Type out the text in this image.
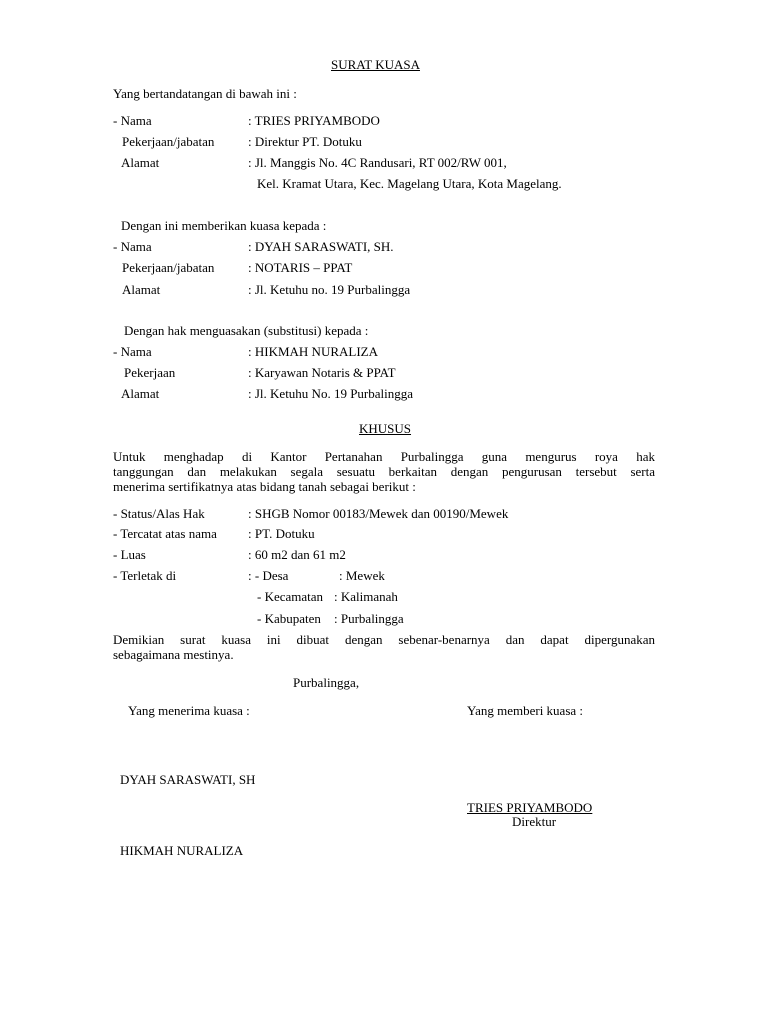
SURAT KUASA
Yang bertandatangan di bawah ini :
- Nama	: TRIES PRIYAMBODO
Pekerjaan/jabatan	: Direktur PT. Dotuku
Alamat	: Jl. Manggis No. 4C Randusari, RT 002/RW 001,
Kel. Kramat Utara, Kec. Magelang Utara, Kota Magelang.
Dengan ini memberikan kuasa kepada :
- Nama	: DYAH SARASWATI, SH.
Pekerjaan/jabatan	: NOTARIS – PPAT
Alamat	: Jl. Ketuhu no. 19 Purbalingga
Dengan hak menguasakan (substitusi) kepada :
- Nama	: HIKMAH NURALIZA
Pekerjaan	: Karyawan Notaris & PPAT
Alamat	: Jl. Ketuhu No. 19 Purbalingga
KHUSUS
Untuk menghadap di Kantor Pertanahan Purbalingga guna mengurus roya hak
tanggungan dan melakukan segala sesuatu berkaitan dengan pengurusan tersebut serta
menerima sertifikatnya atas bidang tanah sebagai berikut :
- Status/Alas Hak	: SHGB Nomor 00183/Mewek dan 00190/Mewek
- Tercatat atas nama : PT. Dotuku
- Luas	: 60 m2 dan 61 m2
- Terletak di	: - Desa	: Mewek
- Kecamatan : Kalimanah
- Kabupaten : Purbalingga
Demikian surat kuasa ini dibuat dengan sebenar-benarnya dan dapat dipergunakan
sebagaimana mestinya.
Purbalingga,
Yang menerima kuasa :	Yang memberi kuasa :
DYAH SARASWATI, SH
TRIES PRIYAMBODO
Direktur
HIKMAH NURALIZA
